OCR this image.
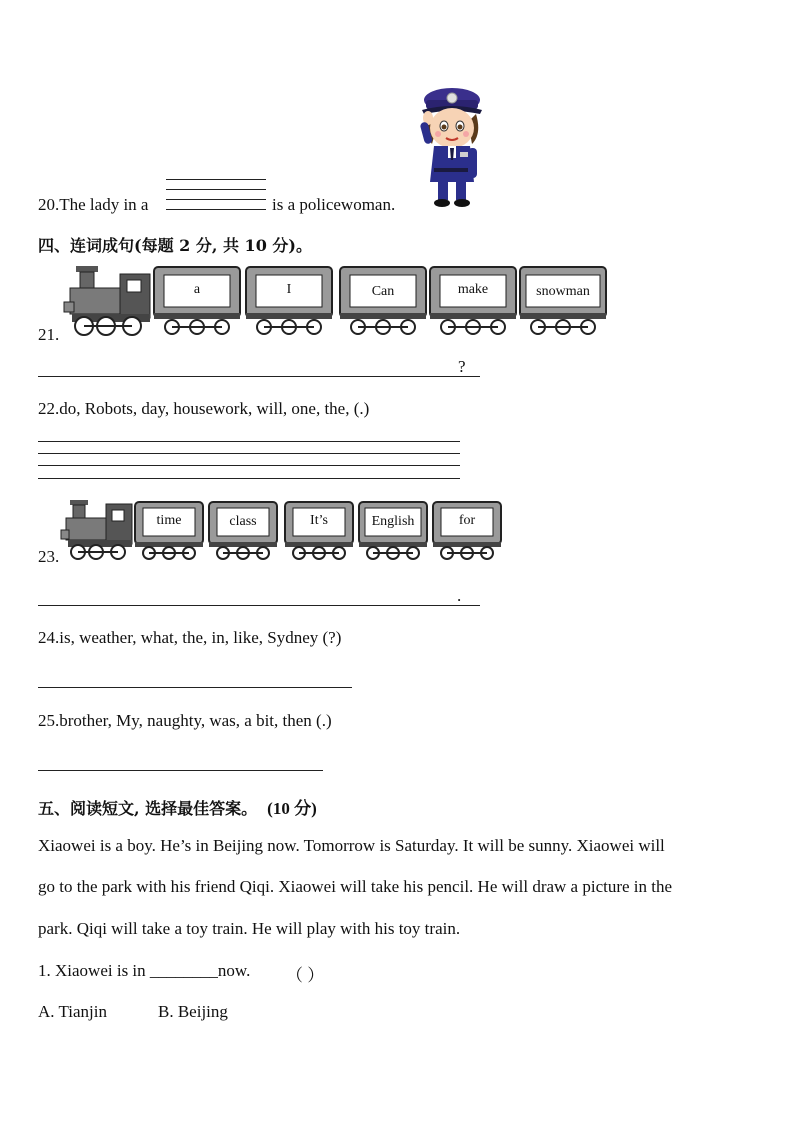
20.The lady in a	is a policewoman.
四、连词成句(每题 2 分, 共 10 分)。
21.
a	I	Can	make	snowman
?
22.do, Robots, day, housework, will, one, the, (.)
23.
time	class	It’s	English	for
.
24.is, weather, what, the, in, like, Sydney (?)
25.brother, My, naughty, was, a bit, then (.)
五、阅读短文, 选择最佳答案。 (10 分)
Xiaowei is a boy. He’s in Beijing now. Tomorrow is Saturday. It will be sunny. Xiaowei will
go to the park with his friend Qiqi. Xiaowei will take his pencil. He will draw a picture in the
park. Qiqi will take a toy train. He will play with his toy train.
1. Xiaowei is in ________now. （ ）
A. Tianjin	B. Beijing
